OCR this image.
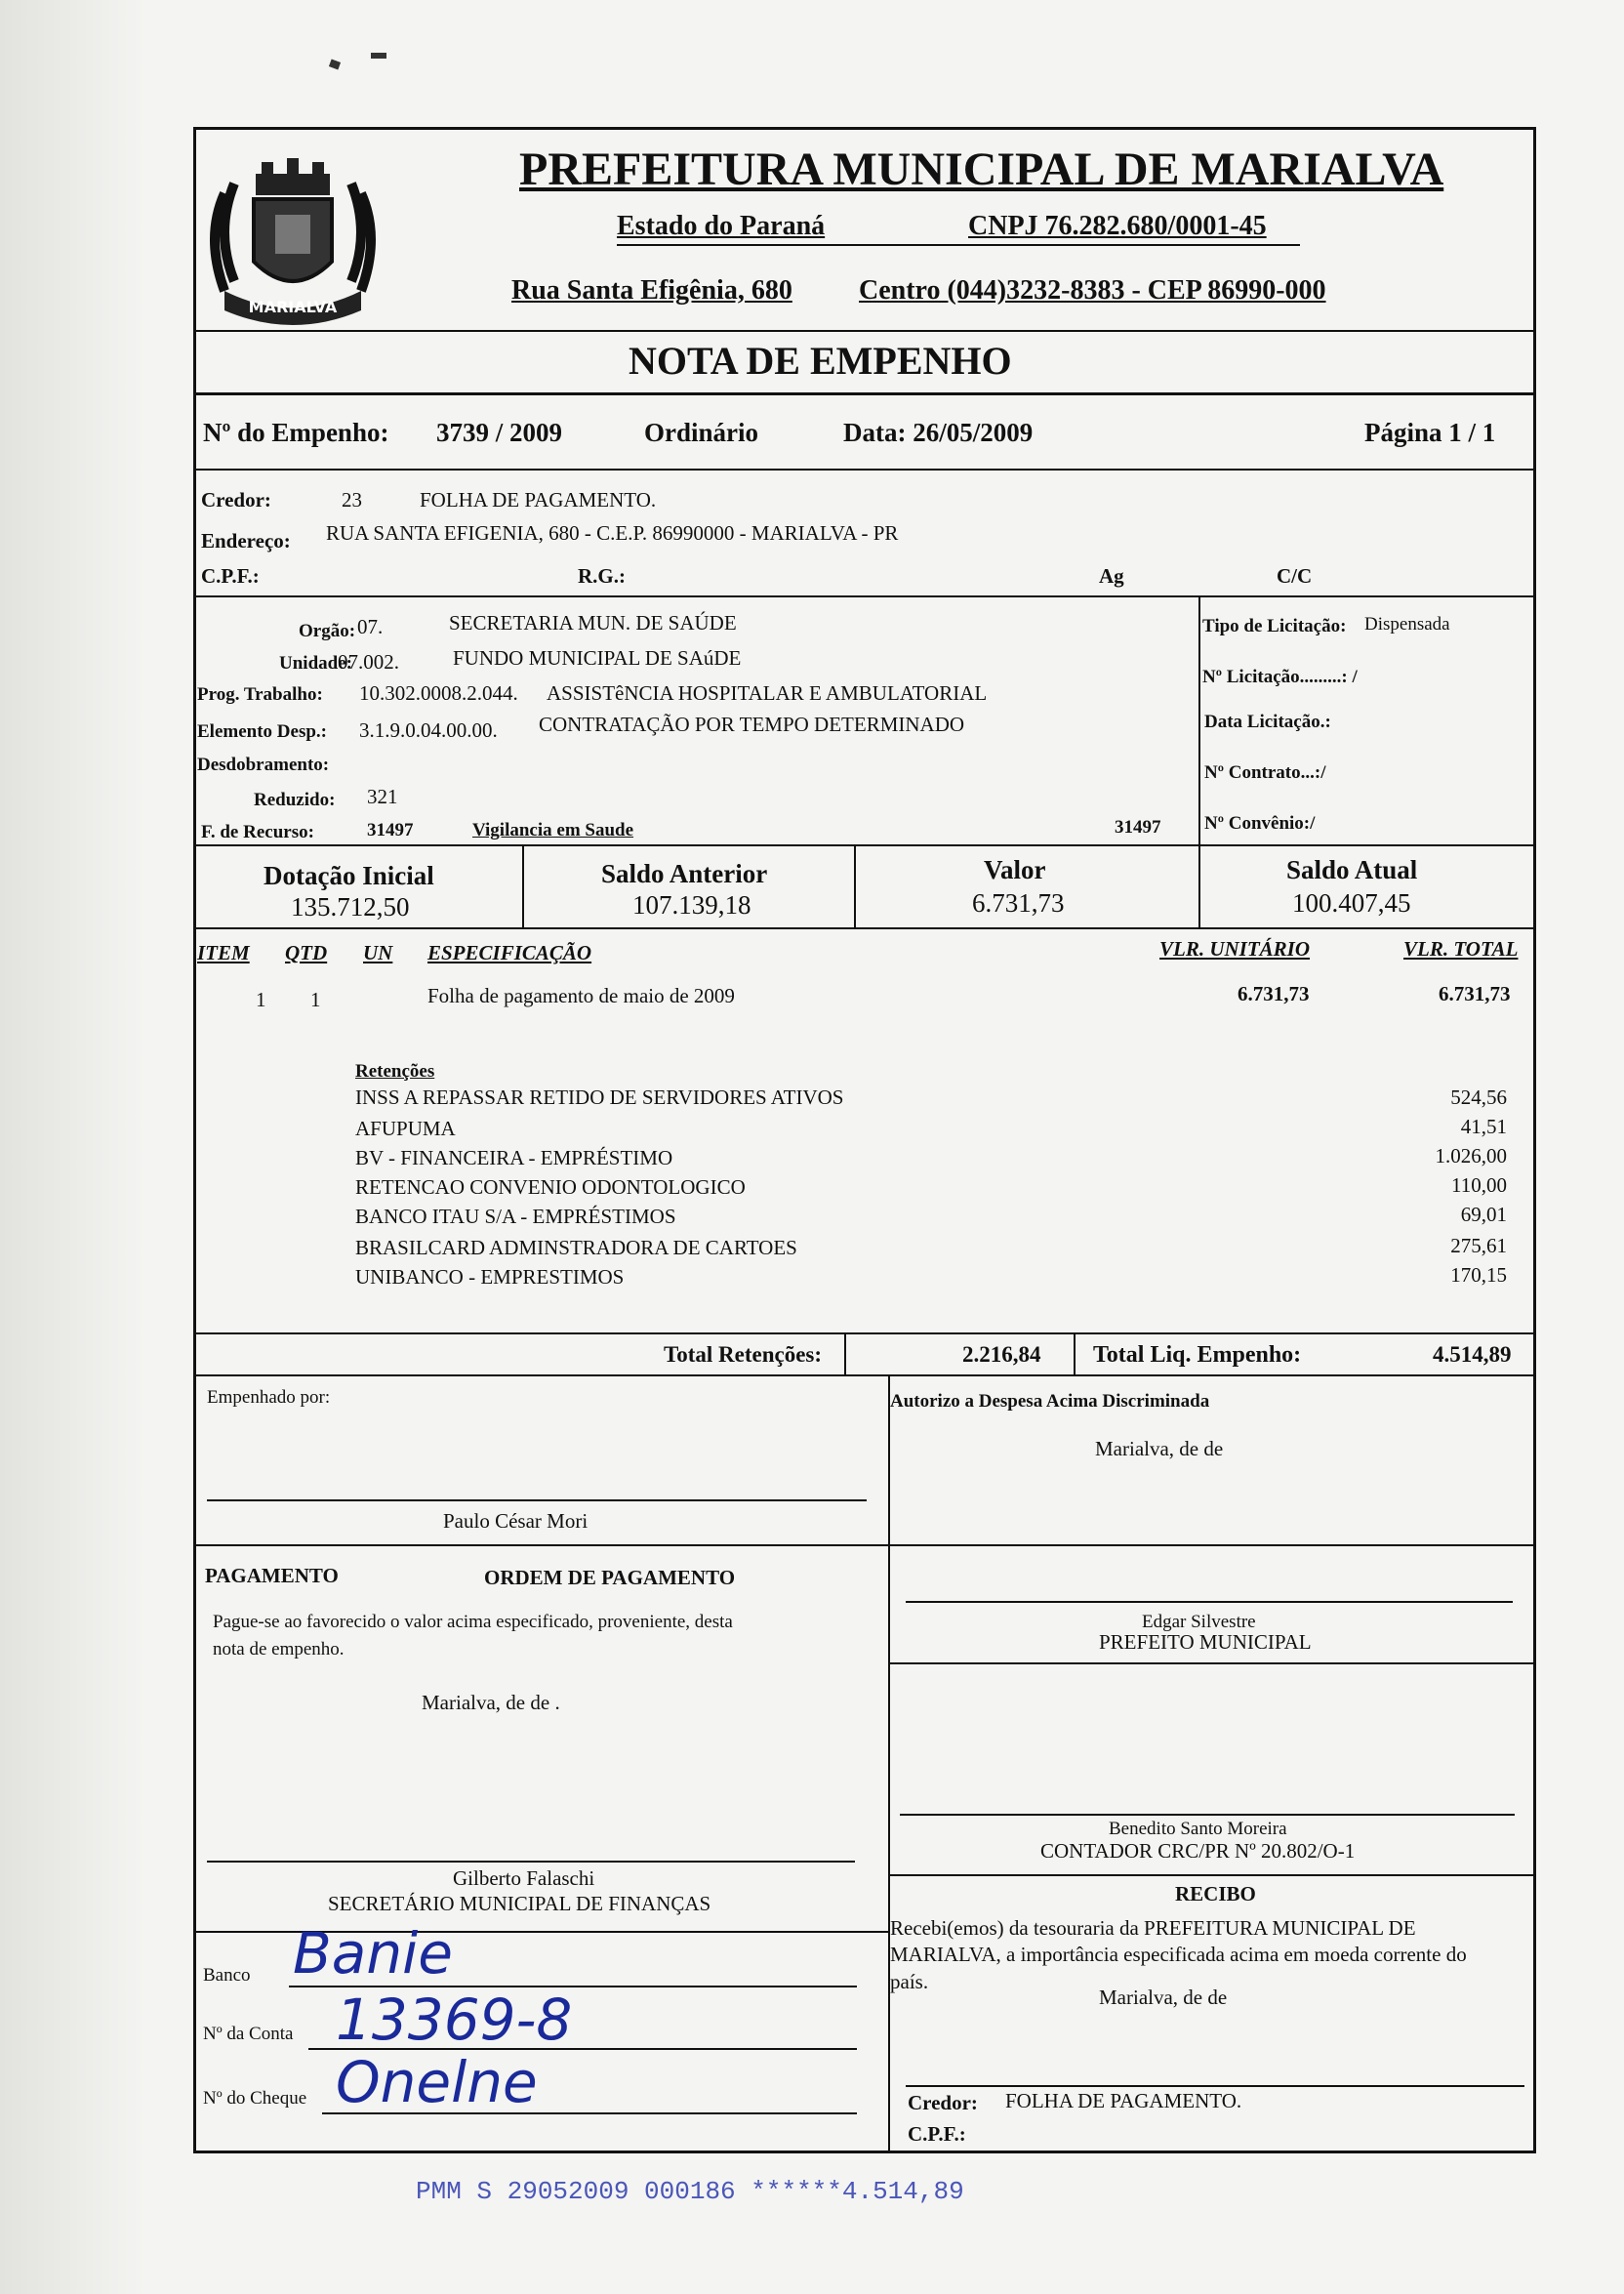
MARIALVA
PREFEITURA MUNICIPAL DE MARIALVA
Estado do Paraná	CNPJ 76.282.680/0001-45
Rua Santa Efigênia, 680 Centro (044)3232-8383 - CEP 86990-000
NOTA DE EMPENHO
Nº do Empenho: 3739 / 2009	Ordinário	Data: 26/05/2009	Página 1 / 1
Credor:	23	FOLHA DE PAGAMENTO.
Endereço: RUA SANTA EFIGENIA, 680 - C.E.P. 86990000 - MARIALVA - PR
C.P.F.:	R.G.:	Ag	C/C
Orgão: 07.	SECRETARIA MUN. DE SAÚDE
Unidade:
07.002.	FUNDO MUNICIPAL DE SAúDE
Prog. Trabalho: 10.302.0008.2.044. ASSISTêNCIA HOSPITALAR E AMBULATORIAL
Elemento Desp.: 3.1.9.0.04.00.00. CONTRATAÇÃO POR TEMPO DETERMINADO
Desdobramento:
Reduzido: 321
F. de Recurso:	31497	Vigilancia em Saude	31497
Tipo de Licitação: Dispensada
Nº Licitação.........: /
Data Licitação.:
Nº Contrato...:/
Nº Convênio:/
Dotação Inicial
135.712,50
Saldo Anterior
107.139,18
Valor
6.731,73
Saldo Atual
100.407,45
ITEM QTD UN ESPECIFICAÇÃO	VLR. UNITÁRIO	VLR. TOTAL
1 1	Folha de pagamento de maio de 2009	6.731,73	6.731,73
Retenções
INSS A REPASSAR RETIDO DE SERVIDORES ATIVOS	524,56
AFUPUMA	41,51
BV - FINANCEIRA - EMPRÉSTIMO	1.026,00
RETENCAO CONVENIO ODONTOLOGICO	110,00
BANCO ITAU S/A - EMPRÉSTIMOS	69,01
BRASILCARD ADMINSTRADORA DE CARTOES	275,61
UNIBANCO - EMPRESTIMOS	170,15
Total Retenções:	2.216,84 Total Liq. Empenho:	4.514,89
Empenhado por:
Paulo César Mori
Autorizo a Despesa Acima Discriminada
Marialva, de de
PAGAMENTO	ORDEM DE PAGAMENTO
Pague-se ao favorecido o valor acima especificado, proveniente, desta
nota de empenho.
Marialva, de de .
Edgar Silvestre
PREFEITO MUNICIPAL
Benedito Santo Moreira
CONTADOR CRC/PR Nº 20.802/O-1
Gilberto Falaschi
SECRETÁRIO MUNICIPAL DE FINANÇAS	RECIBO
Recebi(emos) da tesouraria da PREFEITURA MUNICIPAL DE
MARIALVA, a importância especificada acima em moeda corrente do
país.
Marialva, de de
Credor: FOLHA DE PAGAMENTO.
C.P.F.:
Banco Banie
Nº da Conta 13369-8
Nº do Cheque Onelne
PMM S 29052009 000186 ******4.514,89
